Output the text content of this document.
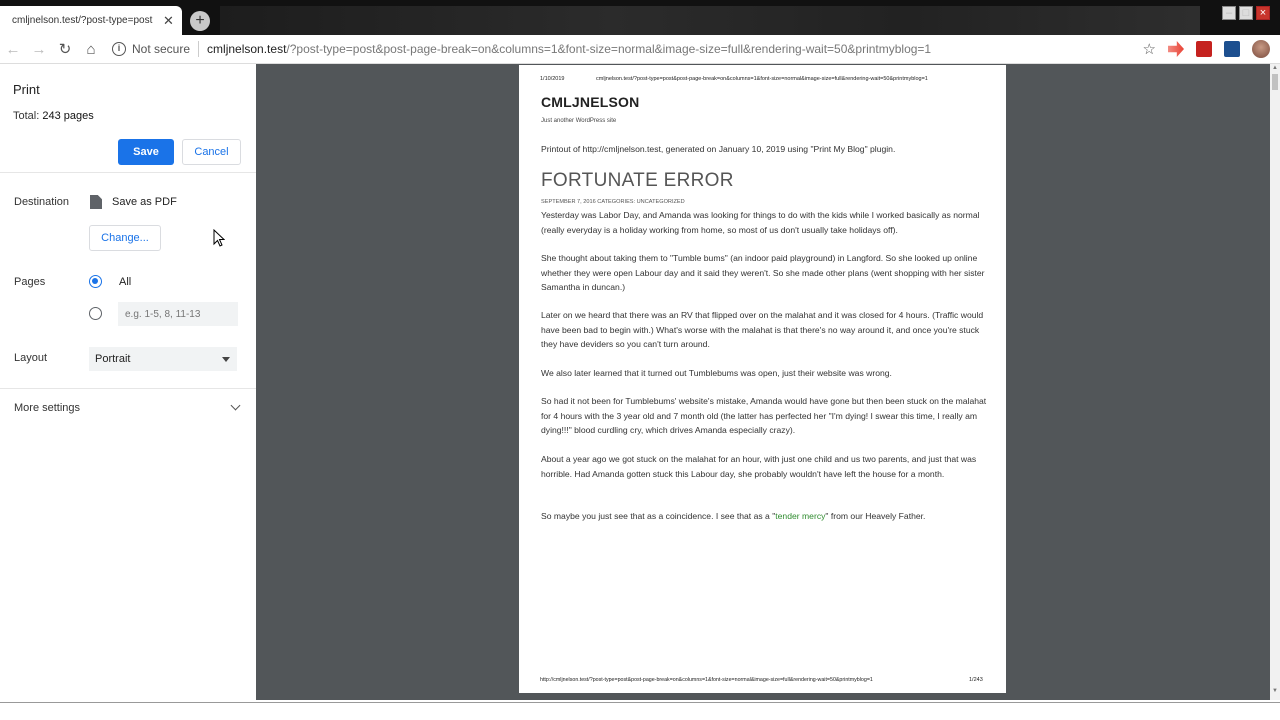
cmljnelson.test/?post-type=post ✕	+	– □ ×
← → ↻	⌂	i Not secure cmljnelson.test/?post-type=post&post-page-break=on&columns=1&font-size=normal&image-size=full&rendering-wait=50&printmyblog=1	☆
Print
Total: 243 pages
Save	Cancel
Destination	Save as PDF
Change...
Pages	All
e.g. 1-5, 8, 11-13
Layout	Portrait
More settings
▲
▼
1/10/2019	cmljnelson.test/?post-type=post&post-page-break=on&columns=1&font-size=normal&image-size=full&rendering-wait=50&printmyblog=1
CMLJNELSON
Just another WordPress site
Printout of http://cmljnelson.test, generated on January 10, 2019 using "Print My Blog" plugin.
FORTUNATE ERROR
SEPTEMBER 7, 2016 CATEGORIES: UNCATEGORIZED
Yesterday was Labor Day, and Amanda was looking for things to do with the kids while I worked basically as normal (really everyday is a holiday working from home, so most of us don't usually take holidays off).
She thought about taking them to "Tumble bums" (an indoor paid playground) in Langford. So she looked up online whether they were open Labour day and it said they weren't. So she made other plans (went shopping with her sister Samantha in duncan.)
Later on we heard that there was an RV that flipped over on the malahat and it was closed for 4 hours. (Traffic would have been bad to begin with.) What's worse with the malahat is that there's no way around it, and once you're stuck they have deviders so you can't turn around.
We also later learned that it turned out Tumblebums was open, just their website was wrong.
So had it not been for Tumblebums' website's mistake, Amanda would have gone but then been stuck on the malahat for 4 hours with the 3 year old and 7 month old (the latter has perfected her "I'm dying! I swear this time, I really am dying!!!" blood curdling cry, which drives Amanda especially crazy).
About a year ago we got stuck on the malahat for an hour, with just one child and us two parents, and just that was horrible. Had Amanda gotten stuck this Labour day, she probably wouldn't have left the house for a month.
So maybe you just see that as a coincidence. I see that as a "tender mercy" from our Heavely Father.
http://cmljnelson.test/?post-type=post&post-page-break=on&columns=1&font-size=normal&image-size=full&rendering-wait=50&printmyblog=1	1/243
